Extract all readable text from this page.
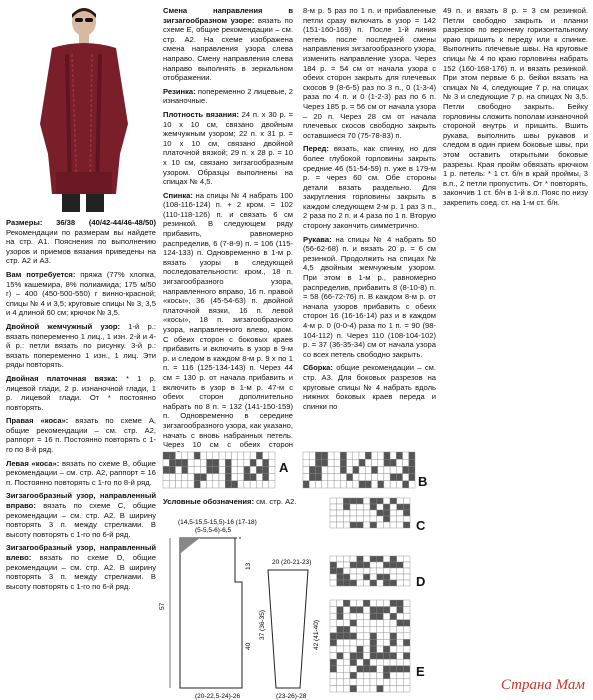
Размеры: 36/38 (40/42-44/46-48/50) Рекомендации по размерам вы найдете на стр. А1. Пояснения по выполнению узоров и приемов вязания приведены на стр. А2 и А3.

Вам потребуется: пряжа (77% хлопка, 15% кашемира, 8% полиамида; 175 м/50 г) – 400 (450-500-550) г винно-красной; спицы № 4 и 3,5; круговые спицы № 3, 3,5 и 4 длиной 60 см; крючок № 3,5.

Двойной жемчужный узор: 1-й р.: вязать попеременно 1 лиц., 1 изн. 2-й и 4-й р.: петли вязать по рисунку. 3-й р.: вязать попеременно 1 изн., 1 лиц. Эти ряды повторять.

Двойная платочная вязка: * 1 р. лицевой глади, 2 р. изнаночной глади, 1 р. лицевой глади. От * постоянно повторять.

Правая «коса»: вязать по схеме А, общие рекомендации – см. стр. А2, раппорт = 16 п. Постоянно повторять с 1-го по 8-й ряд.

Левая «коса»: вязать по схеме В, общие рекомендации – см. стр. А2, раппорт = 16 п. Постоянно повторять с 1-го по 8-й ряд.

Зигзагообразный узор, направленный вправо: вязать по схеме С, общие рекомендации – см. стр. А2. В ширину повторять 3 п. между стрелками. В высоту повторять с 1-го по 6-й ряд.

Зигзагообразный узор, направленный влево: вязать по схеме D, общие рекомендации – см. стр. А2. В ширину повторять 3 п. между стрелками. В высоту повторять с 1-го по 6-й ряд.

Смена направления в зигзагообразном узоре: вязать по схеме Е, общие рекомендации – см. стр. А2. На схеме изображена смена направления узора слева направо. Смену направления слева направо выполнять в зеркальном отображении.

Резинка: попеременно 2 лицевые, 2 изнаночные.

Плотность вязания: 24 п. x 30 р. = 10 x 10 см, связано двойным жемчужным узором; 22 п. x 31 р. = 10 x 10 см, связано двойной платочной вязкой; 29 п. x 28 р. = 10 x 10 см, связано зигзагообразным узором. Образцы выполнены на спицах № 4,5.

Спинка: на спицы № 4 набрать 100 (108-116-124) п. + 2 кром. = 102 (110-118-126) п. и связать 6 см резинкой. В следующем ряду прибавить, равномерно распределив, 6 (7-8-9) п. = 106 (115-124-133) п. Одновременно в 1-м р. вязать узоры в следующей последовательности: кром., 18 п. зигзагообразного узора, направленного вправо, 16 п. правой «косы», 36 (45-54-63) п. двойной платочной вязки, 16 п. левой «косы», 18 п. зигзагообразного узора, направленного влево, кром. С обеих сторон с боковых краев прибавить и включить в узор в 9-м р. и следом в каждом 8-м р. 9 x по 1 п. = 116 (125-134-143) п. Через 44 см = 130 р. от начала прибавить и включить в узор в 1-м р. 47-м с обеих сторон дополнительно набрать по 8 п. = 132 (141-150-159) п. Одновременно в середине зигзагообразного узора, как указано, начать с вновь набранных петель. Через 10 см с обеих сторон

8-м р. 5 раз по 1 п. и прибавленные петли сразу включать в узор = 142 (151-160-169) п. После 1-й линия петель после последней смены направления зигзагообразного узора, изменить направление узора. Через 184 р. = 54 см от начала узора с обеих сторон закрыть для плечевых скосов 9 (8-6-5) раз по 3 п., 0 (1-3-4) раза по 4 п. и 0 (1-2-3) раз по 6 п. Через 185 р. = 56 см от начала узора – 20 п. Через 28 см от начала плечевых скосов свободно закрыть оставшиеся 70 (75-78-83) п.

Перед: вязать, как спинку, но для более глубокой горловины закрыть средние 46 (51-54-59) п. уже в 179-м р. = через 60 см. Обе стороны детали вязать раздельно. Для закругления горловины закрыть в каждом следующем 2-м р. 1 раз 3 п., 2 раза по 2 п. и 4 раза по 1 п. Вторую сторону закончить симметрично.

Рукава: на спицы № 4 набрать 50 (56-62-68) п. и вязать 20 р. = 6 см резинкой. Продолжить на спицах № 4,5 двойным жемчужным узором. При этом в 1-м р., равномерно распределив, прибавить 8 (8-10-8) п. = 58 (66-72-76) п. В каждом 8-м р. от начала узоров прибавить с обеих сторон 16 (16-16-14) раз и в каждом 4-м р. 0 (0-0-4) раза по 1 п. = 90 (98-104-112) п. Через 110 (108-104-102) р. = 37 (36-35-34) см от начала узора со всех петель свободно закрыть.

Сборка: общие рекомендации – см. стр. А3. Для боковых разрезов на круговые спицы № 4 набрать вдоль нижних боковых краев переда и спинки по

49 п. и вязать 8 р. = 3 см резинкой. Петли свободно закрыть и планки разрезов по верхнему горизонтальному краю пришить к переду или к спинке. Выполнить плечевые швы. На круговые спицы № 4 по краю горловины набрать 152 (160-168-176) п. и вязать резинкой. При этом первые 6 р. бейки вязать на спицах № 4, следующие 7 р. на спицах № 3 и следующие 7 р. на спицах № 3,5. Петли свободно закрыть. Бейку горловины сложить пополам изнаночной стороной внутрь и пришить. Вшить рукава, выполнить швы рукавов и следом в один прием боковые швы, при этом оставить открытыми боковые разрезы. Края пройм обвязать крючком 1 р. петель: * 1 ст. б/н в край проймы, 3 в.п., 2 петли пропустить. От * повторять, закончив 1 ст. б/н в 1-й в.п. Пояс по низу закрепить соед. ст. на 1-м ст. б/н.

A
B
Условные обозначения: см. стр. А2.
(14,5-15,5-15,5)-16 (17-18)
(5-5,5-6)-6,5
57
13
40
(20-22,5-24)-26
20 (20-21-23)
(23-26)-28
37 (36-35)	42 (41-40)
C
D
E
Страна Мам
